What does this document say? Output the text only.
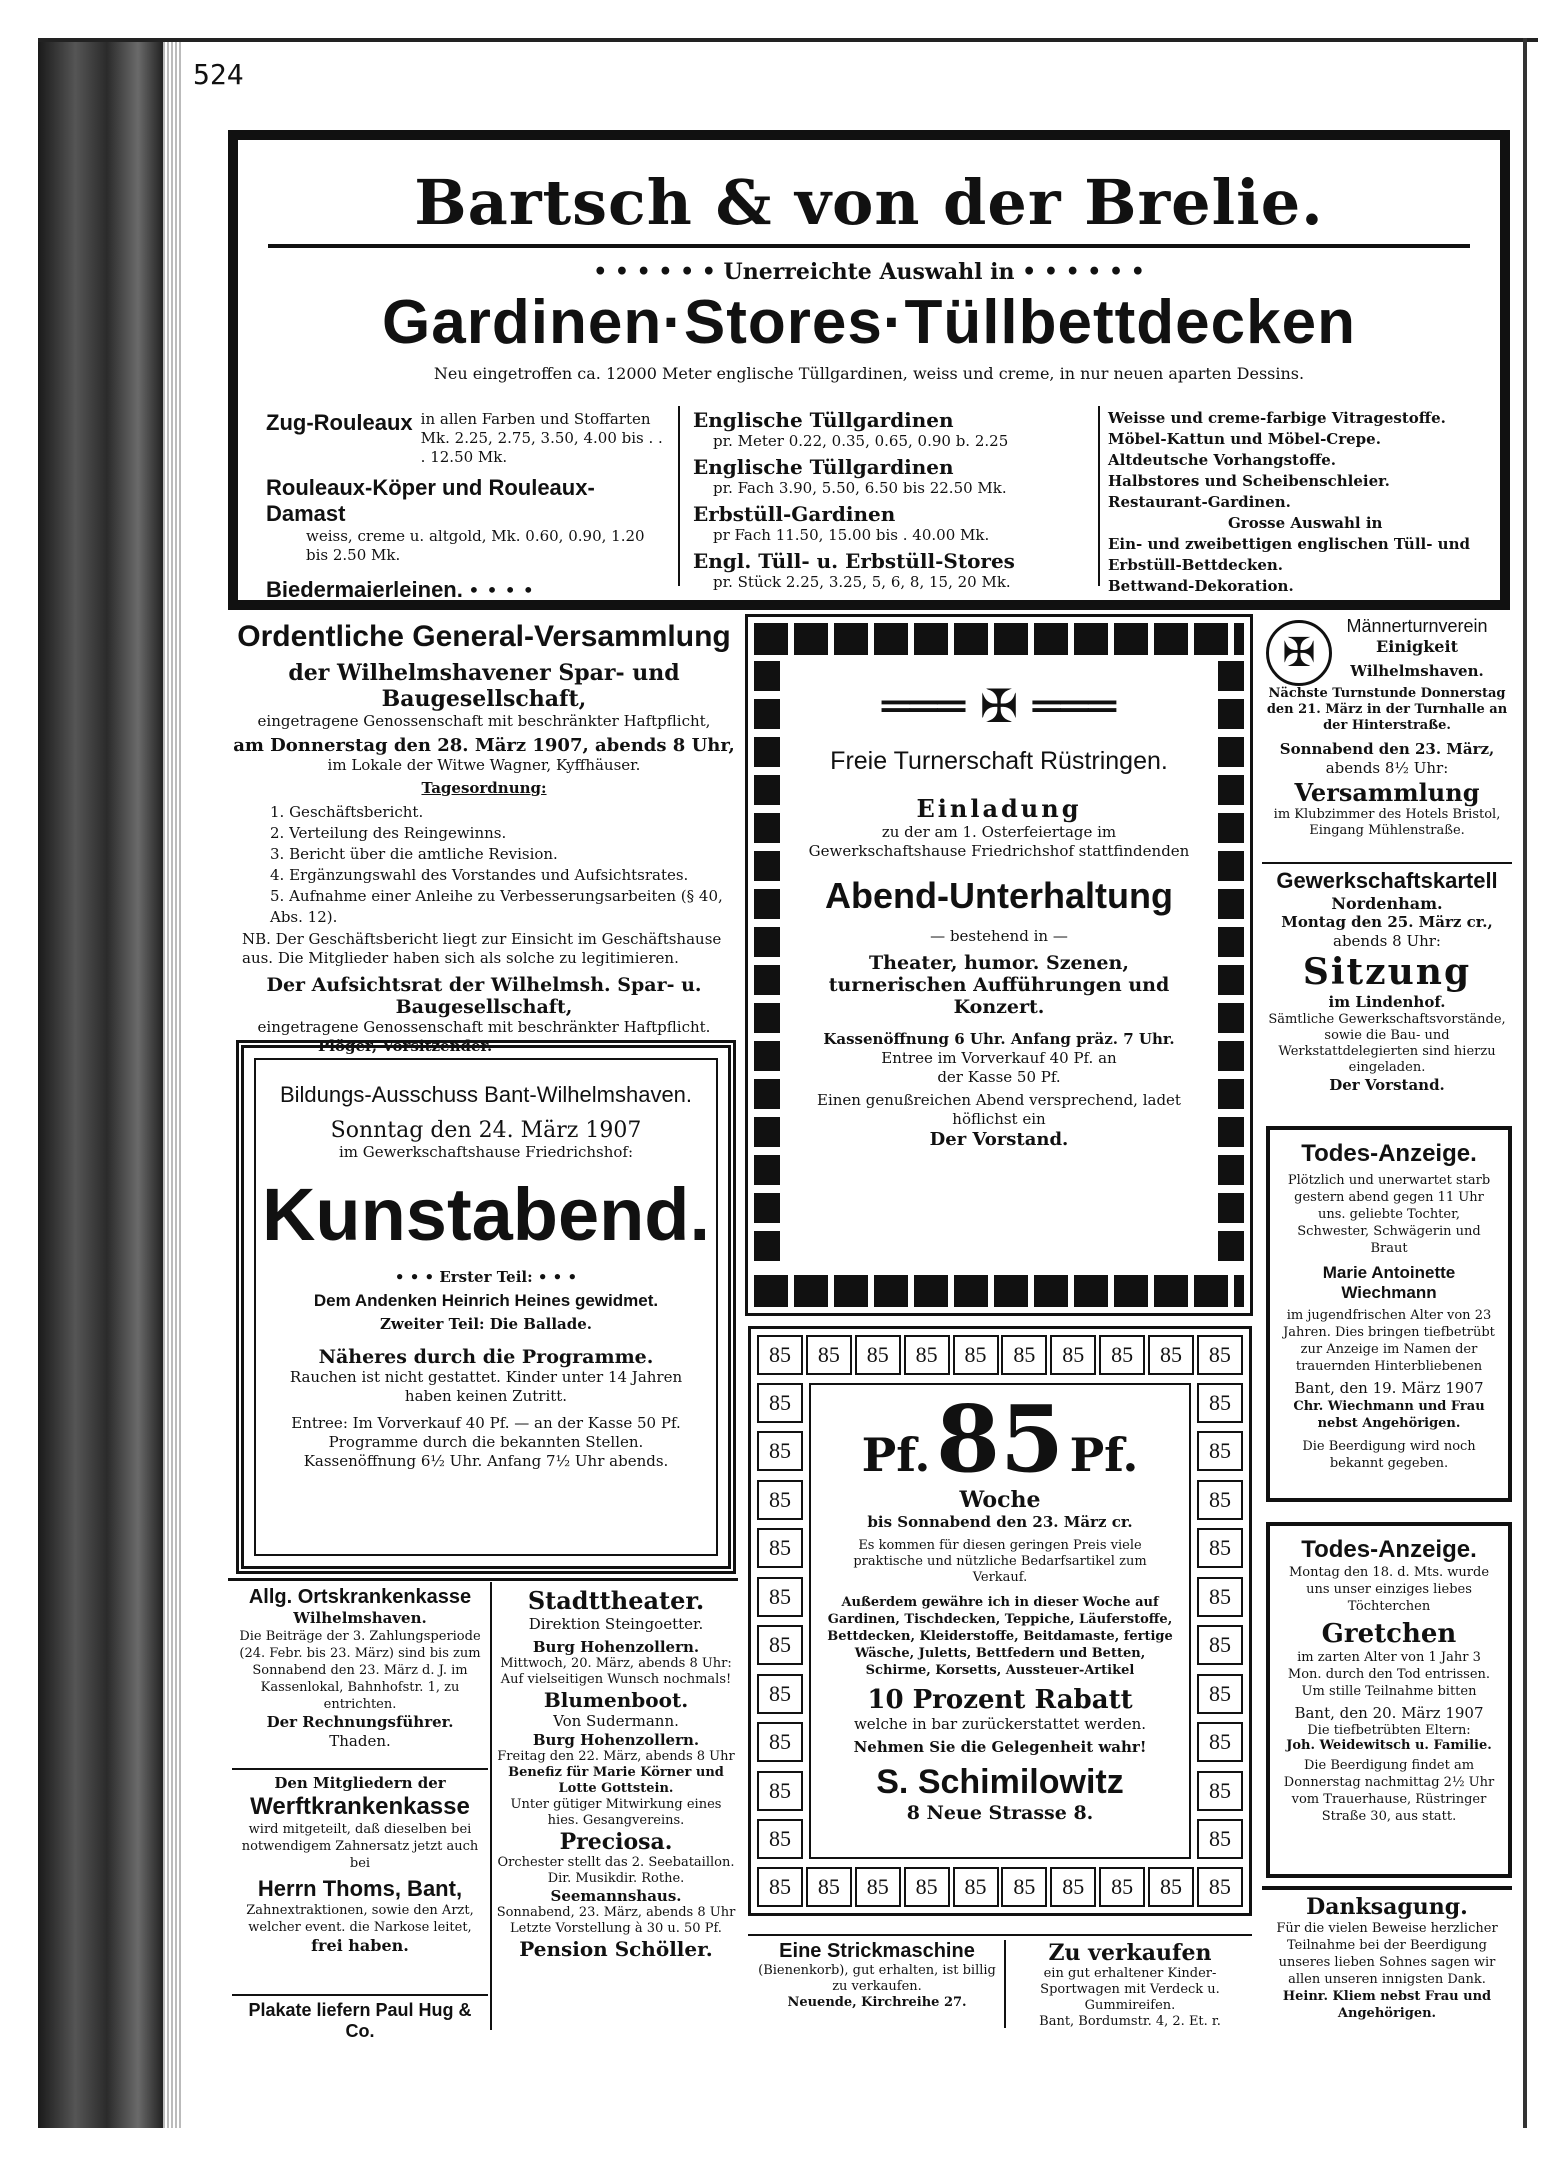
524
Bartsch & von der Brelie.
• • • • • • Unerreichte Auswahl in • • • • • •
Gardinen·Stores·Tüllbettdecken
Neu eingetroffen ca. 12000 Meter englische Tüllgardinen, weiss und creme, in nur neuen aparten Dessins.
Zug-Rouleaux in allen Farben und Stoffarten Mk. 2.25, 2.75, 3.50, 4.00 bis . . . 12.50 Mk.
Rouleaux-Köper und Rouleaux-Damast
weiss, creme u. altgold, Mk. 0.60, 0.90, 1.20 bis 2.50 Mk.
Biedermaierleinen. • • • •
Englische Tüllgardinen
pr. Meter 0.22, 0.35, 0.65, 0.90 b. 2.25
Englische Tüllgardinen
pr. Fach 3.90, 5.50, 6.50 bis 22.50 Mk.
Erbstüll-Gardinen
pr Fach 11.50, 15.00 bis . 40.00 Mk.
Engl. Tüll- u. Erbstüll-Stores
pr. Stück 2.25, 3.25, 5, 6, 8, 15, 20 Mk.
Weisse und creme-farbige Vitragestoffe.
Möbel-Kattun und Möbel-Crepe.
Altdeutsche Vorhangstoffe.
Halbstores und Scheibenschleier.
Restaurant-Gardinen.
Grosse Auswahl in
Ein- und zweibettigen englischen Tüll- und Erbstüll-Bettdecken.
Bettwand-Dekoration.
Ordentliche General-Versammlung
der Wilhelmshavener Spar- und Baugesellschaft,
eingetragene Genossenschaft mit beschränkter Haftpflicht,
am Donnerstag den 28. März 1907, abends 8 Uhr,
im Lokale der Witwe Wagner, Kyffhäuser.
Tagesordnung:
1. Geschäftsbericht.
2. Verteilung des Reingewinns.
3. Bericht über die amtliche Revision.
4. Ergänzungswahl des Vorstandes und Aufsichtsrates.
5. Aufnahme einer Anleihe zu Verbesserungsarbeiten (§ 40, Abs. 12).
NB. Der Geschäftsbericht liegt zur Einsicht im Geschäftshause aus. Die Mitglieder haben sich als solche zu legitimieren.
Der Aufsichtsrat der Wilhelmsh. Spar- u. Baugesellschaft,
eingetragene Genossenschaft mit beschränkter Haftpflicht.
Plöger, Vorsitzender.
Bildungs-Ausschuss Bant-Wilhelmshaven.
Sonntag den 24. März 1907
im Gewerkschaftshause Friedrichshof:
Kunstabend.
• • • Erster Teil: • • •
Dem Andenken Heinrich Heines gewidmet.
Zweiter Teil: Die Ballade.
Näheres durch die Programme.
Rauchen ist nicht gestattet. Kinder unter 14 Jahren haben keinen Zutritt.
Entree: Im Vorverkauf 40 Pf. — an der Kasse 50 Pf. Programme durch die bekannten Stellen.
Kassenöffnung 6½ Uhr. Anfang 7½ Uhr abends.
═══ ✠ ═══
Freie Turnerschaft Rüstringen.
Einladung
zu der am 1. Osterfeiertage im Gewerkschaftshause Friedrichshof stattfindenden
Abend-Unterhaltung
— bestehend in —
Theater, humor. Szenen, turnerischen Aufführungen und Konzert.
Kassenöffnung 6 Uhr. Anfang präz. 7 Uhr.
Entree im Vorverkauf 40 Pf. an der Kasse 50 Pf.
Einen genußreichen Abend versprechend, ladet höflichst ein
Der Vorstand.
85	85	85	85	85	85	85	85	85	85
85	85	85	85	85	85	85	85	85	85
85
85
85
85
85
85
85
85
85
85
85
85
85
85
85
85
85
85
85
85
Pf. 85 Pf.
Woche
bis Sonnabend den 23. März cr.
Es kommen für diesen geringen Preis viele praktische und nützliche Bedarfsartikel zum Verkauf.
Außerdem gewähre ich in dieser Woche auf Gardinen, Tischdecken, Teppiche, Läuferstoffe, Bettdecken, Kleiderstoffe, Beitdamaste, fertige Wäsche, Juletts, Bettfedern und Betten, Schirme, Korsetts, Aussteuer-Artikel
10 Prozent Rabatt
welche in bar zurückerstattet werden.
Nehmen Sie die Gelegenheit wahr!
S. Schimilowitz
8 Neue Strasse 8.
✠
Männerturnverein
Einigkeit
Wilhelmshaven.
Nächste Turnstunde Donnerstag den 21. März in der Turnhalle an der Hinterstraße.
Sonnabend den 23. März,
abends 8½ Uhr:
Versammlung
im Klubzimmer des Hotels Bristol, Eingang Mühlenstraße.
Gewerkschaftskartell
Nordenham.
Montag den 25. März cr.,
abends 8 Uhr:
Sitzung
im Lindenhof.
Sämtliche Gewerkschaftsvorstände, sowie die Bau- und Werkstattdelegierten sind hierzu eingeladen.
Der Vorstand.
Todes-Anzeige.
Plötzlich und unerwartet starb gestern abend gegen 11 Uhr uns. geliebte Tochter, Schwester, Schwägerin und Braut
Marie Antoinette Wiechmann
im jugendfrischen Alter von 23 Jahren. Dies bringen tiefbetrübt zur Anzeige im Namen der trauernden Hinterbliebenen
Bant, den 19. März 1907
Chr. Wiechmann und Frau nebst Angehörigen.
Die Beerdigung wird noch bekannt gegeben.
Todes-Anzeige.
Montag den 18. d. Mts. wurde uns unser einziges liebes Töchterchen
Gretchen
im zarten Alter von 1 Jahr 3 Mon. durch den Tod entrissen. Um stille Teilnahme bitten
Bant, den 20. März 1907
Die tiefbetrübten Eltern:
Joh. Weidewitsch u. Familie.
Die Beerdigung findet am Donnerstag nachmittag 2½ Uhr vom Trauerhause, Rüstringer Straße 30, aus statt.
Danksagung.
Für die vielen Beweise herzlicher Teilnahme bei der Beerdigung unseres lieben Sohnes sagen wir allen unseren innigsten Dank.
Heinr. Kliem nebst Frau und Angehörigen.
Allg. Ortskrankenkasse
Wilhelmshaven.
Die Beiträge der 3. Zahlungsperiode (24. Febr. bis 23. März) sind bis zum Sonnabend den 23. März d. J. im Kassenlokal, Bahnhofstr. 1, zu entrichten.
Der Rechnungsführer.
Thaden.
Den Mitgliedern der
Werftkrankenkasse
wird mitgeteilt, daß dieselben bei notwendigem Zahnersatz jetzt auch bei
Herrn Thoms, Bant,
Zahnextraktionen, sowie den Arzt, welcher event. die Narkose leitet,
frei haben.
Plakate liefern Paul Hug & Co.
Stadttheater.
Direktion Steingoetter.
Burg Hohenzollern.
Mittwoch, 20. März, abends 8 Uhr: Auf vielseitigen Wunsch nochmals!
Blumenboot.
Von Sudermann.
Burg Hohenzollern.
Freitag den 22. März, abends 8 Uhr
Benefiz für Marie Körner und Lotte Gottstein.
Unter gütiger Mitwirkung eines hies. Gesangvereins.
Preciosa.
Orchester stellt das 2. Seebataillon. Dir. Musikdir. Rothe.
Seemannshaus.
Sonnabend, 23. März, abends 8 Uhr
Letzte Vorstellung à 30 u. 50 Pf.
Pension Schöller.	Eine Strickmaschine
(Bienenkorb), gut erhalten, ist billig zu verkaufen.
Neuende, Kirchreihe 27.
Zu verkaufen
ein gut erhaltener Kinder-Sportwagen mit Verdeck u. Gummireifen.
Bant, Bordumstr. 4, 2. Et. r.
